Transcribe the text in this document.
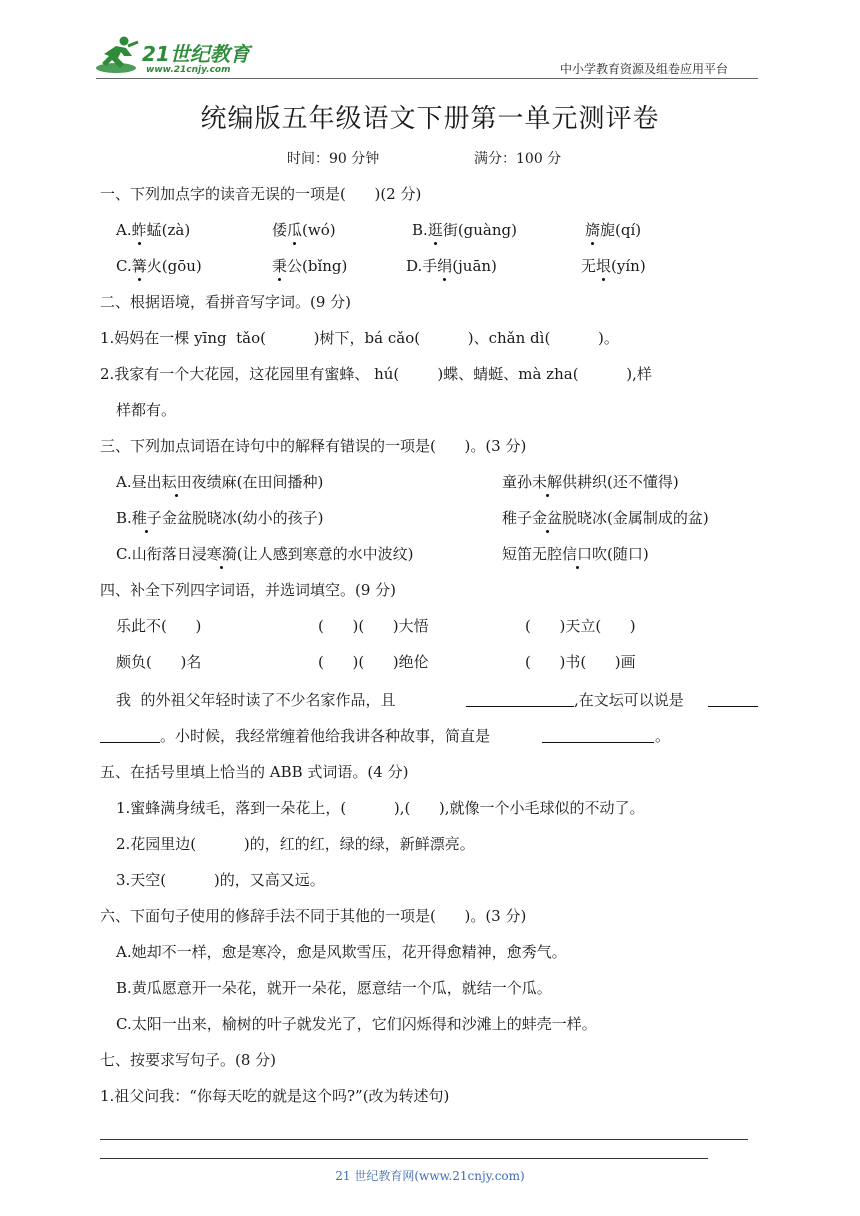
21世纪教育
www.21cnjy.com	中小学教育资源及组卷应用平台
统编版五年级语文下册第一单元测评卷
时间：90 分钟	满分：100 分
一、下列加点字的读音无误的一项是(      )(2 分)
A.蚱蜢(zà)	倭瓜(wó)	B.逛街(guàng)	旖旎(qí)
C.篝火(gōu)	秉公(bǐng)	D.手绢(juān)	无垠(yín)
二、根据语境，看拼音写字词。(9 分)
1.妈妈在一棵 yīng  tǎo(          )树下，bá cǎo(          )、chǎn dì(          )。
2.我家有一个大花园，这花园里有蜜蜂、 hú(        )蝶、蜻蜓、mà zha(          ),样
样都有。
三、下列加点词语在诗句中的解释有错误的一项是(      )。(3 分)
A.昼出耘田夜绩麻(在田间播种)	童孙未解供耕织(还不懂得)
B.稚子金盆脱晓冰(幼小的孩子)	稚子金盆脱晓冰(金属制成的盆)
C.山衔落日浸寒漪(让人感到寒意的水中波纹)	短笛无腔信口吹(随口)
四、补全下列四字词语，并选词填空。(9 分)
乐此不(      )	(      )(      )大悟	(      )天立(      )
颇负(      )名	(      )(      )绝伦	(      )书(      )画
我  的外祖父年轻时读了不少名家作品，且	,在文坛可以说是
。小时候，我经常缠着他给我讲各种故事，简直是	。
五、在括号里填上恰当的 ABB 式词语。(4 分)
1.蜜蜂满身绒毛，落到一朵花上，(          ),(      ),就像一个小毛球似的不动了。
2.花园里边(          )的，红的红，绿的绿，新鲜漂亮。
3.天空(          )的，又高又远。
六、下面句子使用的修辞手法不同于其他的一项是(      )。(3 分)
A.她却不一样，愈是寒冷，愈是风欺雪压，花开得愈精神，愈秀气。
B.黄瓜愿意开一朵花，就开一朵花，愿意结一个瓜，就结一个瓜。
C.太阳一出来，榆树的叶子就发光了，它们闪烁得和沙滩上的蚌壳一样。
七、按要求写句子。(8 分)
1.祖父问我：“你每天吃的就是这个吗?”(改为转述句)
21 世纪教育网(www.21cnjy.com)
